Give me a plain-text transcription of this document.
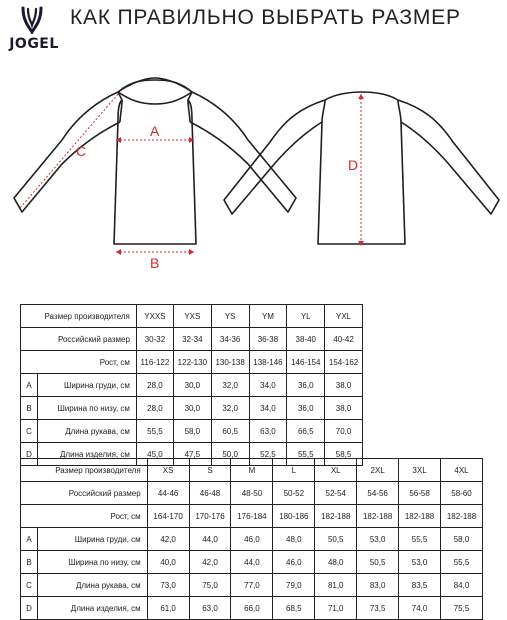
JOGEL
КАК ПРАВИЛЬНО ВЫБРАТЬ РАЗМЕР
A
B
C
D
Размер производителя		YXXS	YXS	YS	YM	YL	YXL
Российский размер		30-32	32-34	34-36	36-38	38-40	40-42
Рост, см		116-122	122-130	130-138	138-146	146-154	154-162
A	Ширина груди, см	28,0	30,0	32,0	34,0	36,0	38,0
B	Ширина по низу, см	28,0	30,0	32,0	34,0	36,0	38,0
C	Длина рукава, см	55,5	58,0	60,5	63,0	66,5	70,0
D	Длина изделия, см	45,0	47,5	50,0	52,5	55,5	58,5
Размер производителя		XS	S	M	L	XL	2XL	3XL	4XL
Российский размер		44-46	46-48	48-50	50-52	52-54	54-56	56-58	58-60
Рост, см		164-170	170-176	176-184	180-186	182-188	182-188	182-188	182-188
A	Ширина груди, см	42,0	44,0	46,0	48,0	50,5	53,0	55,5	58,0
B	Ширина по низу, см	40,0	42,0	44,0	46,0	48,0	50,5	53,0	55,5
C	Длина рукава, см	73,0	75,0	77,0	79,0	81,0	83,0	83,5	84,0
D	Длина изделия, см	61,0	63,0	66,0	68,5	71,0	73,5	74,0	75,5
